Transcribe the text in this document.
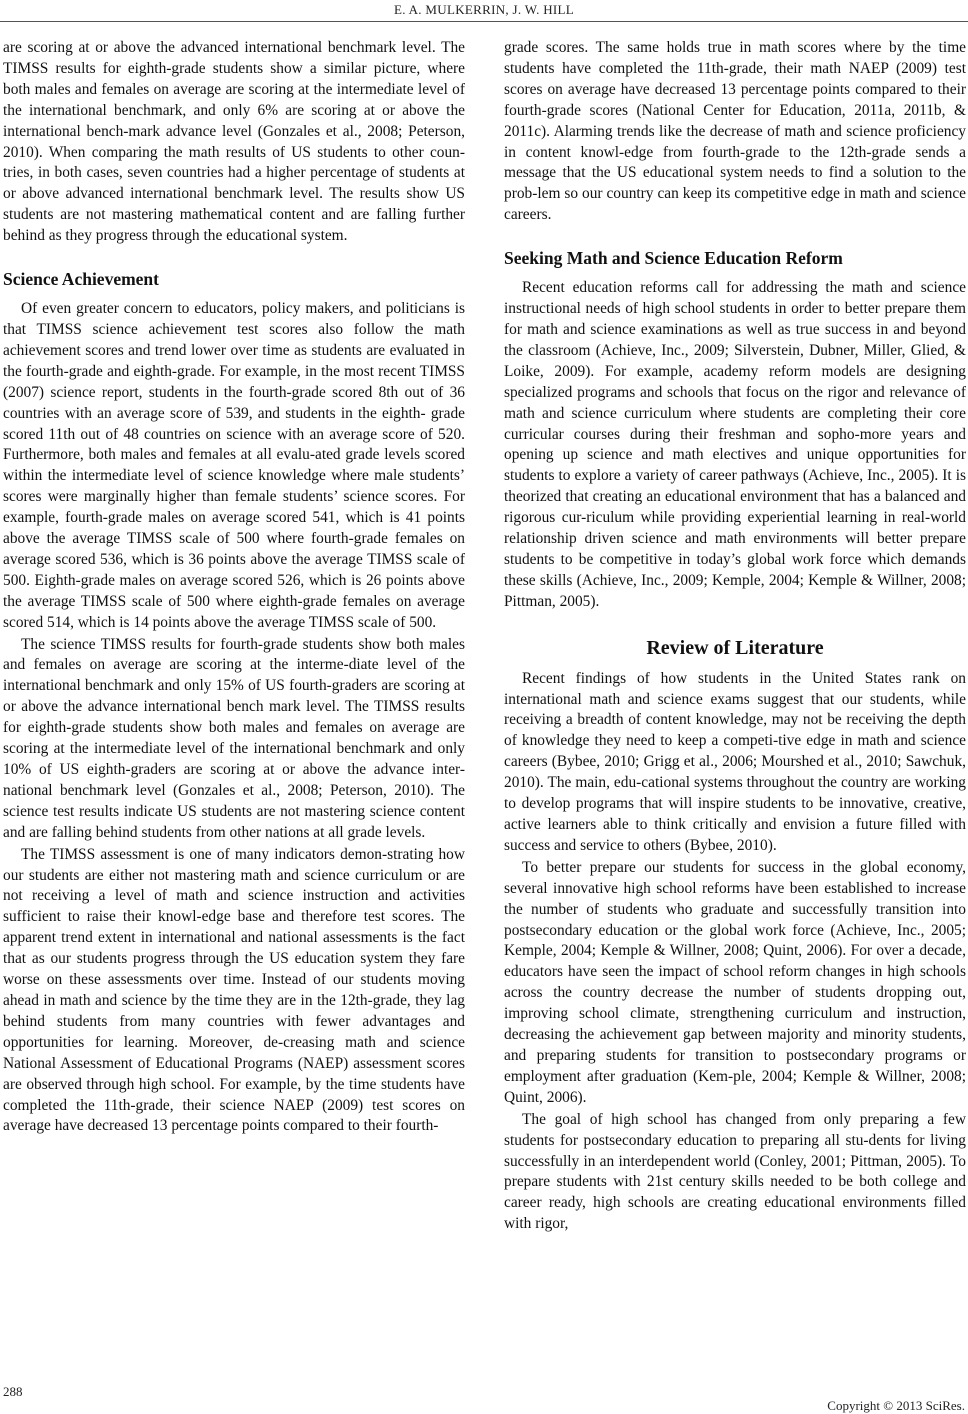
E. A. MULKERRIN, J. W. HILL

are scoring at or above the advanced international benchmark level. The TIMSS results for eighth-grade students show a similar picture, where both males and females on average are scoring at the intermediate level of the international benchmark, and only 6% are scoring at or above the international bench-mark advance level (Gonzales et al., 2008; Peterson, 2010). When comparing the math results of US students to other coun-tries, in both cases, seven countries had a higher percentage of students at or above advanced international benchmark level. The results show US students are not mastering mathematical content and are falling further behind as they progress through the educational system.

Science Achievement

Of even greater concern to educators, policy makers, and politicians is that TIMSS science achievement test scores also follow the math achievement scores and trend lower over time as students are evaluated in the fourth-grade and eighth-grade. For example, in the most recent TIMSS (2007) science report, students in the fourth-grade scored 8th out of 36 countries with an average score of 539, and students in the eighth- grade scored 11th out of 48 countries on science with an average score of 520. Furthermore, both males and females at all evalu-ated grade levels scored within the intermediate level of science knowledge where male students’ scores were marginally higher than female students’ science scores. For example, fourth-grade males on average scored 541, which is 41 points above the average TIMSS scale of 500 where fourth-grade females on average scored 536, which is 36 points above the average TIMSS scale of 500. Eighth-grade males on average scored 526, which is 26 points above the average TIMSS scale of 500 where eighth-grade females on average scored 514, which is 14 points above the average TIMSS scale of 500.

The science TIMSS results for fourth-grade students show both males and females on average are scoring at the interme-diate level of the international benchmark and only 15% of US fourth-graders are scoring at or above the advance international bench mark level. The TIMSS results for eighth-grade students show both males and females on average are scoring at the intermediate level of the international benchmark and only 10% of US eighth-graders are scoring at or above the advance inter-national benchmark level (Gonzales et al., 2008; Peterson, 2010). The science test results indicate US students are not mastering science content and are falling behind students from other nations at all grade levels.

The TIMSS assessment is one of many indicators demon-strating how our students are either not mastering math and science curriculum or are not receiving a level of math and science instruction and activities sufficient to raise their knowl-edge base and therefore test scores. The apparent trend extent in international and national assessments is the fact that as our students progress through the US education system they fare worse on these assessments over time. Instead of our students moving ahead in math and science by the time they are in the 12th-grade, they lag behind students from many countries with fewer advantages and opportunities for learning. Moreover, de-creasing math and science National Assessment of Educational Programs (NAEP) assessment scores are observed through high school. For example, by the time students have completed the 11th-grade, their science NAEP (2009) test scores on average have decreased 13 percentage points compared to their fourth-

grade scores. The same holds true in math scores where by the time students have completed the 11th-grade, their math NAEP (2009) test scores on average have decreased 13 percentage points compared to their fourth-grade scores (National Center for Education, 2011a, 2011b, & 2011c). Alarming trends like the decrease of math and science proficiency in content knowl-edge from fourth-grade to the 12th-grade sends a message that the US educational system needs to find a solution to the prob-lem so our country can keep its competitive edge in math and science careers.

Seeking Math and Science Education Reform

Recent education reforms call for addressing the math and science instructional needs of high school students in order to better prepare them for math and science examinations as well as true success in and beyond the classroom (Achieve, Inc., 2009; Silverstein, Dubner, Miller, Glied, & Loike, 2009). For example, academy reform models are designing specialized programs and schools that focus on the rigor and relevance of math and science curriculum where students are completing their core curricular courses during their freshman and sopho-more years and opening up science and math electives and unique opportunities for students to explore a variety of career pathways (Achieve, Inc., 2005). It is theorized that creating an educational environment that has a balanced and rigorous cur-riculum while providing experiential learning in real-world relationship driven science and math environments will better prepare students to be competitive in today’s global work force which demands these skills (Achieve, Inc., 2009; Kemple, 2004; Kemple & Willner, 2008; Pittman, 2005).

Review of Literature

Recent findings of how students in the United States rank on international math and science exams suggest that our students, while receiving a breadth of content knowledge, may not be receiving the depth of knowledge they need to keep a competi-tive edge in math and science careers (Bybee, 2010; Grigg et al., 2006; Mourshed et al., 2010; Sawchuk, 2010). The main, edu-cational systems throughout the country are working to develop programs that will inspire students to be innovative, creative, active learners able to think critically and envision a future filled with success and service to others (Bybee, 2010).

To better prepare our students for success in the global economy, several innovative high school reforms have been established to increase the number of students who graduate and successfully transition into postsecondary education or the global work force (Achieve, Inc., 2005; Kemple, 2004; Kemple & Willner, 2008; Quint, 2006). For over a decade, educators have seen the impact of school reform changes in high schools across the country decrease the number of students dropping out, improving school climate, strengthening curriculum and instruction, decreasing the achievement gap between majority and minority students, and preparing students for transition to postsecondary programs or employment after graduation (Kem-ple, 2004; Kemple & Willner, 2008; Quint, 2006).

The goal of high school has changed from only preparing a few students for postsecondary education to preparing all stu-dents for living successfully in an interdependent world (Conley, 2001; Pittman, 2005). To prepare students with 21st century skills needed to be both college and career ready, high schools are creating educational environments filled with rigor,

288
Copyright © 2013 SciRes.
